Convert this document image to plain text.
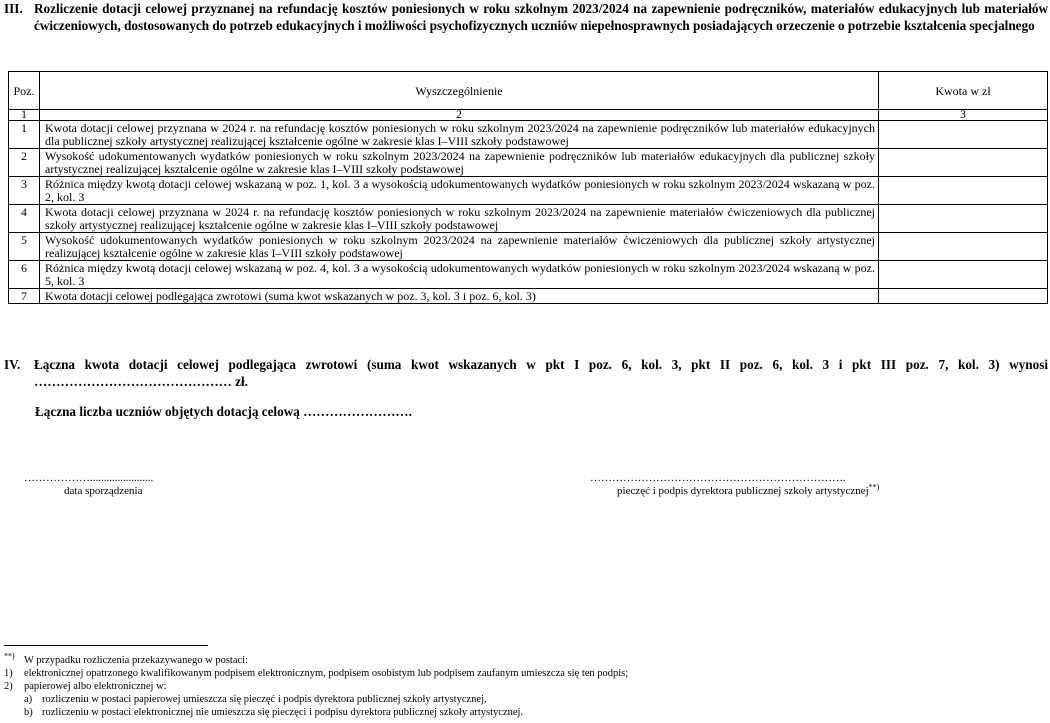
III. Rozliczenie dotacji celowej przyznanej na refundację kosztów poniesionych w roku szkolnym 2023/2024 na zapewnienie podręczników, materiałów edukacyjnych lub materiałów ćwiczeniowych, dostosowanych do potrzeb edukacyjnych i możliwości psychofizycznych uczniów niepełnosprawnych posiadających orzeczenie o potrzebie kształcenia specjalnego
Poz.	Wyszczególnienie	Kwota w zł
1	2	3
1	Kwota dotacji celowej przyznana w 2024 r. na refundację kosztów poniesionych w roku szkolnym 2023/2024 na zapewnienie podręczników lub materiałów edukacyjnych dla publicznej szkoły artystycznej realizującej kształcenie ogólne w zakresie klas I–VIII szkoły podstawowej	
2	Wysokość udokumentowanych wydatków poniesionych w roku szkolnym 2023/2024 na zapewnienie podręczników lub materiałów edukacyjnych dla publicznej szkoły artystycznej realizującej kształcenie ogólne w zakresie klas I–VIII szkoły podstawowej	
3	Różnica między kwotą dotacji celowej wskazaną w poz. 1, kol. 3 a wysokością udokumentowanych wydatków poniesionych w roku szkolnym 2023/2024 wskazaną w poz. 2, kol. 3	
4	Kwota dotacji celowej przyznana w 2024 r. na refundację kosztów poniesionych w roku szkolnym 2023/2024 na zapewnienie materiałów ćwiczeniowych dla publicznej szkoły artystycznej realizującej kształcenie ogólne w zakresie klas I–VIII szkoły podstawowej	
5	Wysokość udokumentowanych wydatków poniesionych w roku szkolnym 2023/2024 na zapewnienie materiałów ćwiczeniowych dla publicznej szkoły artystycznej realizującej kształcenie ogólne w zakresie klas I–VIII szkoły podstawowej	
6	Różnica między kwotą dotacji celowej wskazaną w poz. 4, kol. 3 a wysokością udokumentowanych wydatków poniesionych w roku szkolnym 2023/2024 wskazaną w poz. 5, kol. 3	
7	Kwota dotacji celowej podlegająca zwrotowi (suma kwot wskazanych w poz. 3, kol. 3 i poz. 6, kol. 3)	
IV.	Łączna kwota dotacji celowej podlegająca zwrotowi (suma kwot wskazanych w pkt I poz. 6, kol. 3, pkt II poz. 6, kol. 3 i pkt III poz. 7, kol. 3) wynosi ……………………………………… zł.
Łączna liczba uczniów objętych dotacją celową …………………….
……………….......................
data sporządzenia
…………………………………………………………….
pieczęć i podpis dyrektora publicznej szkoły artystycznej**)
**) W przypadku rozliczenia przekazywanego w postaci:
1)	elektronicznej opatrzonego kwalifikowanym podpisem elektronicznym, podpisem osobistym lub podpisem zaufanym umieszcza się ten podpis;
2)	papierowej albo elektronicznej w:
a) rozliczeniu w postaci papierowej umieszcza się pieczęć i podpis dyrektora publicznej szkoły artystycznej,
b) rozliczeniu w postaci elektronicznej nie umieszcza się pieczęci i podpisu dyrektora publicznej szkoły artystycznej.
